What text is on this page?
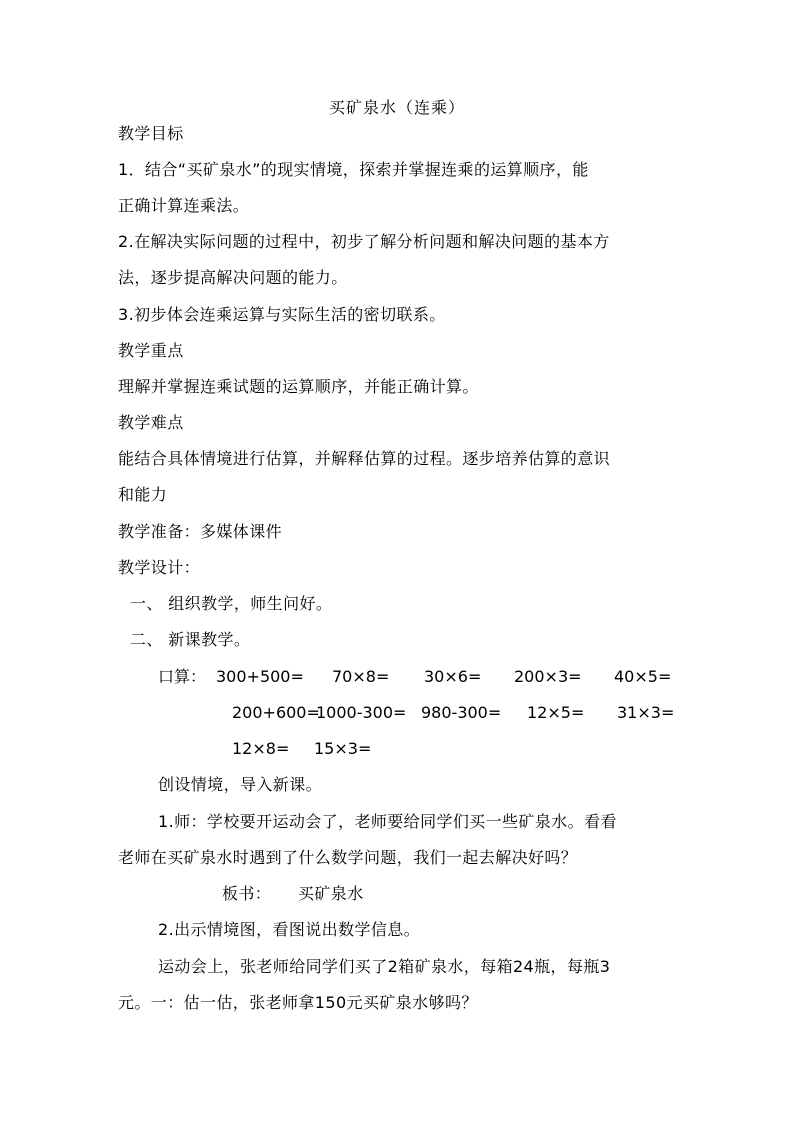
买矿泉水（连乘）
教学目标
1．结合“买矿泉水”的现实情境，探索并掌握连乘的运算顺序，能
正确计算连乘法。
2.在解决实际问题的过程中，初步了解分析问题和解决问题的基本方
法，逐步提高解决问题的能力。
3.初步体会连乘运算与实际生活的密切联系。
教学重点
理解并掌握连乘试题的运算顺序，并能正确计算。
教学难点
能结合具体情境进行估算，并解释估算的过程。逐步培养估算的意识
和能力
教学准备：多媒体课件
教学设计：
一、 组织教学，师生问好。
二、 新课教学。
口算： 300+500= 70×8= 30×6= 200×3= 40×5=
200+600=
1000-300= 980-300= 12×5= 31×3=
12×8= 15×3=
创设情境，导入新课。
1.师：学校要开运动会了，老师要给同学们买一些矿泉水。看看
老师在买矿泉水时遇到了什么数学问题，我们一起去解决好吗？
板书： 买矿泉水
2.出示情境图，看图说出数学信息。
运动会上，张老师给同学们买了2箱矿泉水，每箱24瓶，每瓶3
元。一：估一估，张老师拿150元买矿泉水够吗？
